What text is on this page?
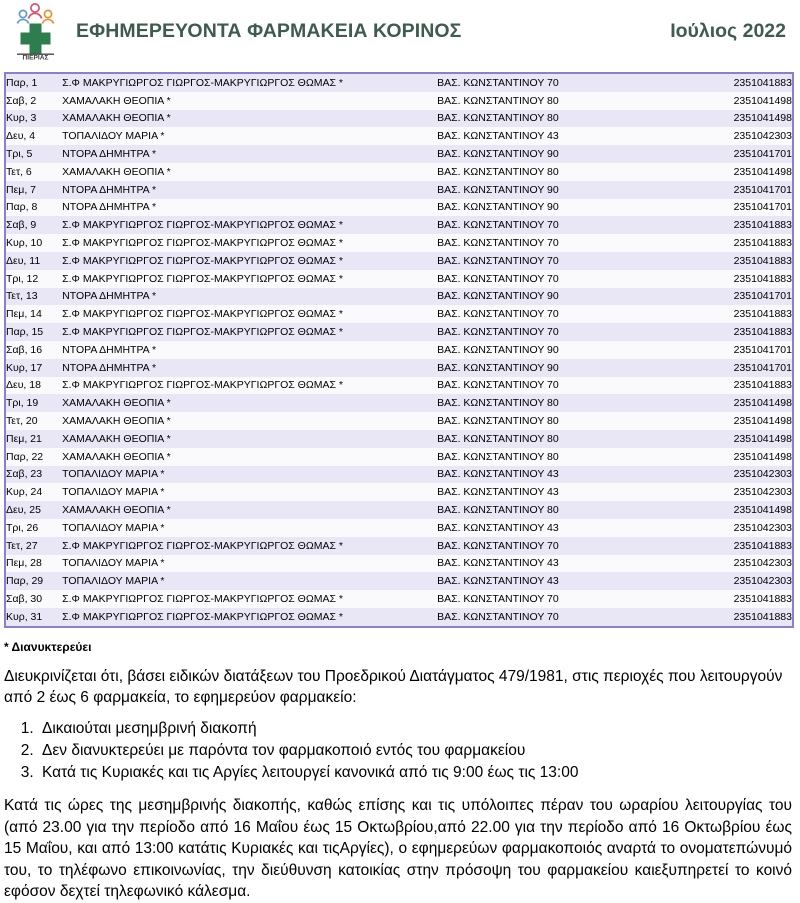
ΠΙΕΡΙΑΣ
ΕΦΗΜΕΡΕΥΟΝΤΑ ΦΑΡΜΑΚΕΙΑ ΚΟΡΙΝΟΣ	Ιούλιος 2022
Παρ, 1	Σ.Φ ΜΑΚΡΥΓΙΩΡΓΟΣ ΓΙΩΡΓΟΣ-ΜΑΚΡΥΓΙΩΡΓΟΣ ΘΩΜΑΣ *	ΒΑΣ. ΚΩΝΣΤΑΝΤΙΝΟΥ 70	2351041883
Σαβ, 2	ΧΑΜΑΛΑΚΗ ΘΕΟΠΙΑ *	ΒΑΣ. ΚΩΝΣΤΑΝΤΙΝΟΥ 80	2351041498
Κυρ, 3	ΧΑΜΑΛΑΚΗ ΘΕΟΠΙΑ *	ΒΑΣ. ΚΩΝΣΤΑΝΤΙΝΟΥ 80	2351041498
Δευ, 4	ΤΟΠΑΛΙΔΟΥ ΜΑΡΙΑ *	ΒΑΣ. ΚΩΝΣΤΑΝΤΙΝΟΥ 43	2351042303
Τρι, 5	ΝΤΟΡΑ ΔΗΜΗΤΡΑ *	ΒΑΣ. ΚΩΝΣΤΑΝΤΙΝΟΥ 90	2351041701
Τετ, 6	ΧΑΜΑΛΑΚΗ ΘΕΟΠΙΑ *	ΒΑΣ. ΚΩΝΣΤΑΝΤΙΝΟΥ 80	2351041498
Πεμ, 7	ΝΤΟΡΑ ΔΗΜΗΤΡΑ *	ΒΑΣ. ΚΩΝΣΤΑΝΤΙΝΟΥ 90	2351041701
Παρ, 8	ΝΤΟΡΑ ΔΗΜΗΤΡΑ *	ΒΑΣ. ΚΩΝΣΤΑΝΤΙΝΟΥ 90	2351041701
Σαβ, 9	Σ.Φ ΜΑΚΡΥΓΙΩΡΓΟΣ ΓΙΩΡΓΟΣ-ΜΑΚΡΥΓΙΩΡΓΟΣ ΘΩΜΑΣ *	ΒΑΣ. ΚΩΝΣΤΑΝΤΙΝΟΥ 70	2351041883
Κυρ, 10	Σ.Φ ΜΑΚΡΥΓΙΩΡΓΟΣ ΓΙΩΡΓΟΣ-ΜΑΚΡΥΓΙΩΡΓΟΣ ΘΩΜΑΣ *	ΒΑΣ. ΚΩΝΣΤΑΝΤΙΝΟΥ 70	2351041883
Δευ, 11	Σ.Φ ΜΑΚΡΥΓΙΩΡΓΟΣ ΓΙΩΡΓΟΣ-ΜΑΚΡΥΓΙΩΡΓΟΣ ΘΩΜΑΣ *	ΒΑΣ. ΚΩΝΣΤΑΝΤΙΝΟΥ 70	2351041883
Τρι, 12	Σ.Φ ΜΑΚΡΥΓΙΩΡΓΟΣ ΓΙΩΡΓΟΣ-ΜΑΚΡΥΓΙΩΡΓΟΣ ΘΩΜΑΣ *	ΒΑΣ. ΚΩΝΣΤΑΝΤΙΝΟΥ 70	2351041883
Τετ, 13	ΝΤΟΡΑ ΔΗΜΗΤΡΑ *	ΒΑΣ. ΚΩΝΣΤΑΝΤΙΝΟΥ 90	2351041701
Πεμ, 14	Σ.Φ ΜΑΚΡΥΓΙΩΡΓΟΣ ΓΙΩΡΓΟΣ-ΜΑΚΡΥΓΙΩΡΓΟΣ ΘΩΜΑΣ *	ΒΑΣ. ΚΩΝΣΤΑΝΤΙΝΟΥ 70	2351041883
Παρ, 15	Σ.Φ ΜΑΚΡΥΓΙΩΡΓΟΣ ΓΙΩΡΓΟΣ-ΜΑΚΡΥΓΙΩΡΓΟΣ ΘΩΜΑΣ *	ΒΑΣ. ΚΩΝΣΤΑΝΤΙΝΟΥ 70	2351041883
Σαβ, 16	ΝΤΟΡΑ ΔΗΜΗΤΡΑ *	ΒΑΣ. ΚΩΝΣΤΑΝΤΙΝΟΥ 90	2351041701
Κυρ, 17	ΝΤΟΡΑ ΔΗΜΗΤΡΑ *	ΒΑΣ. ΚΩΝΣΤΑΝΤΙΝΟΥ 90	2351041701
Δευ, 18	Σ.Φ ΜΑΚΡΥΓΙΩΡΓΟΣ ΓΙΩΡΓΟΣ-ΜΑΚΡΥΓΙΩΡΓΟΣ ΘΩΜΑΣ *	ΒΑΣ. ΚΩΝΣΤΑΝΤΙΝΟΥ 70	2351041883
Τρι, 19	ΧΑΜΑΛΑΚΗ ΘΕΟΠΙΑ *	ΒΑΣ. ΚΩΝΣΤΑΝΤΙΝΟΥ 80	2351041498
Τετ, 20	ΧΑΜΑΛΑΚΗ ΘΕΟΠΙΑ *	ΒΑΣ. ΚΩΝΣΤΑΝΤΙΝΟΥ 80	2351041498
Πεμ, 21	ΧΑΜΑΛΑΚΗ ΘΕΟΠΙΑ *	ΒΑΣ. ΚΩΝΣΤΑΝΤΙΝΟΥ 80	2351041498
Παρ, 22	ΧΑΜΑΛΑΚΗ ΘΕΟΠΙΑ *	ΒΑΣ. ΚΩΝΣΤΑΝΤΙΝΟΥ 80	2351041498
Σαβ, 23	ΤΟΠΑΛΙΔΟΥ ΜΑΡΙΑ *	ΒΑΣ. ΚΩΝΣΤΑΝΤΙΝΟΥ 43	2351042303
Κυρ, 24	ΤΟΠΑΛΙΔΟΥ ΜΑΡΙΑ *	ΒΑΣ. ΚΩΝΣΤΑΝΤΙΝΟΥ 43	2351042303
Δευ, 25	ΧΑΜΑΛΑΚΗ ΘΕΟΠΙΑ *	ΒΑΣ. ΚΩΝΣΤΑΝΤΙΝΟΥ 80	2351041498
Τρι, 26	ΤΟΠΑΛΙΔΟΥ ΜΑΡΙΑ *	ΒΑΣ. ΚΩΝΣΤΑΝΤΙΝΟΥ 43	2351042303
Τετ, 27	Σ.Φ ΜΑΚΡΥΓΙΩΡΓΟΣ ΓΙΩΡΓΟΣ-ΜΑΚΡΥΓΙΩΡΓΟΣ ΘΩΜΑΣ *	ΒΑΣ. ΚΩΝΣΤΑΝΤΙΝΟΥ 70	2351041883
Πεμ, 28	ΤΟΠΑΛΙΔΟΥ ΜΑΡΙΑ *	ΒΑΣ. ΚΩΝΣΤΑΝΤΙΝΟΥ 43	2351042303
Παρ, 29	ΤΟΠΑΛΙΔΟΥ ΜΑΡΙΑ *	ΒΑΣ. ΚΩΝΣΤΑΝΤΙΝΟΥ 43	2351042303
Σαβ, 30	Σ.Φ ΜΑΚΡΥΓΙΩΡΓΟΣ ΓΙΩΡΓΟΣ-ΜΑΚΡΥΓΙΩΡΓΟΣ ΘΩΜΑΣ *	ΒΑΣ. ΚΩΝΣΤΑΝΤΙΝΟΥ 70	2351041883
Κυρ, 31	Σ.Φ ΜΑΚΡΥΓΙΩΡΓΟΣ ΓΙΩΡΓΟΣ-ΜΑΚΡΥΓΙΩΡΓΟΣ ΘΩΜΑΣ *	ΒΑΣ. ΚΩΝΣΤΑΝΤΙΝΟΥ 70	2351041883

* Διανυκτερεύει

Διευκρινίζεται ότι, βάσει ειδικών διατάξεων του Προεδρικού Διατάγματος 479/1981, στις περιοχές που λειτουργούν από 2 έως 6 φαρμακεία, το εφημερεύον φαρμακείο:

1. Δικαιούται μεσημβρινή διακοπή
2. Δεν διανυκτερεύει με παρόντα τον φαρμακοποιό εντός του φαρμακείου
3. Κατά τις Κυριακές και τις Αργίες λειτουργεί κανονικά από τις 9:00 έως τις 13:00

Κατά τις ώρες της μεσημβρινής διακοπής, καθώς επίσης και τις υπόλοιπες πέραν του ωραρίου λειτουργίας του (από 23.00 για την περίοδο από 16 Μαΐου έως 15 Οκτωβρίου,από 22.00 για την περίοδο από 16 Οκτωβρίου έως 15 Μαΐου, και από 13:00 κατάτις Κυριακές και τιςΑργίες), ο εφημερεύων φαρμακοποιός αναρτά το ονοματεπώνυμό του, το τηλέφωνο επικοινωνίας, την διεύθυνση κατοικίας στην πρόσοψη του φαρμακείου καιεξυπηρετεί το κοινό εφόσον δεχτεί τηλεφωνικό κάλεσμα.
